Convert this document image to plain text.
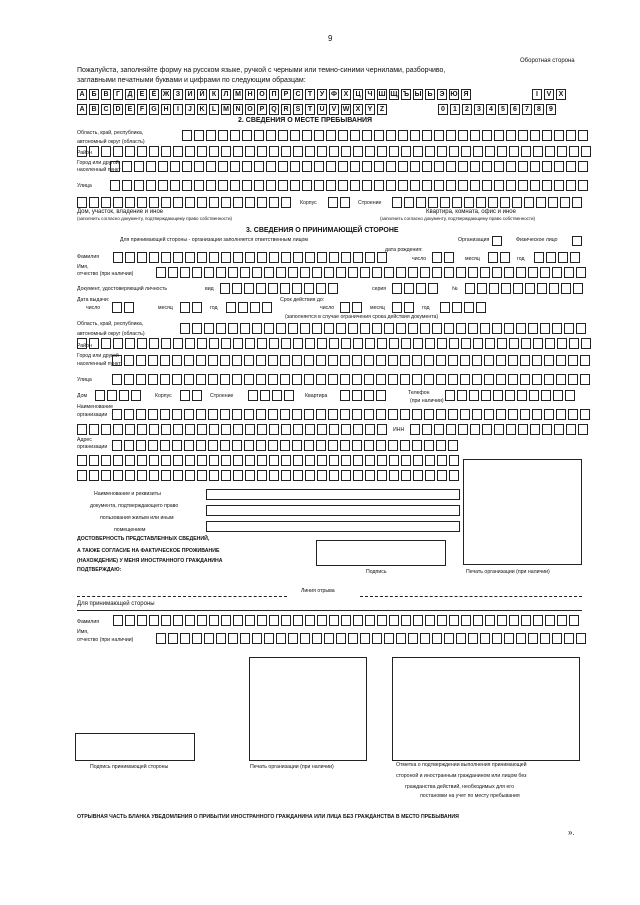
9
Оборотная сторона
Пожалуйста, заполняйте форму на русском языке, ручкой с черными или темно-синими чернилами, разборчиво,
заглавными печатными буквами и цифрами по следующим образцам:
А Б В	Г	Д	Е	Ё Ж З	И Й	К	Л М Н О П	Р	С	Т	У Ф Х	Ц Ч Ш Щ Ъ Ы Ь Э Ю Я	I	V	X
A B C D	E	F	G H	I	J	K	L M N O P Q R	S	T	U	V W X	Y	Z	0	1	2	3	4	5	6	7	8	9
2. СВЕДЕНИЯ О МЕСТЕ ПРЕБЫВАНИЯ
Область, край, республика,
автономный округ (область)
Район
Город или другой
населенный пункт
Улица
Корпус	Строение
Дом, участок, владение и иное
(заполнить согласно документу, подтверждающему право собственности)
Квартира, комната, офис и иное
(заполнить согласно документу, подтверждающему право собственности)
3. СВЕДЕНИЯ О ПРИНИМАЮЩЕЙ СТОРОНЕ
Для принимающей стороны - организации заполняется ответственным лицом	Организация	Физическое лицо
дата рождения:
Фамилия	число	месяц	год
Имя,
отчество (при наличии)
Документ, удостоверяющий личность	вид	серия	№
Дата выдачи:
число	месяц	год
Срок действия до:
число	месяц	год
(заполняется в случае ограничения срока действия документа)
Область, край, республика,
автономный округ (область)
Район
Город или другой
населенный пункт
Улица
Дом	Корпус	Строение	Квартира	Телефон
(при наличии)
Наименование
организации
ИНН
Адрес
организации
Наименование и реквизиты
документа, подтверждающего право
пользования жилым или иным
помещением
ДОСТОВЕРНОСТЬ ПРЕДСТАВЛЕННЫХ СВЕДЕНИЙ,
А ТАКЖЕ СОГЛАСИЕ НА ФАКТИЧЕСКОЕ ПРОЖИВАНИЕ
(НАХОЖДЕНИЕ) У МЕНЯ ИНОСТРАННОГО ГРАЖДАНИНА
ПОДТВЕРЖДАЮ:	Подпись	Печать организации (при наличии)
Линия отрыва
Для принимающей стороны
Фамилия
Имя,
отчество (при наличии)
Подпись принимающей стороны	Печать организации (при наличии)	Отметка о подтверждении выполнения принимающей
стороной и иностранным гражданином или лицом без
гражданства действий, необходимых для его
постановки на учет по месту пребывания
ОТРЫВНАЯ ЧАСТЬ БЛАНКА УВЕДОМЛЕНИЯ О ПРИБЫТИИ ИНОСТРАННОГО ГРАЖДАНИНА ИЛИ ЛИЦА БЕЗ ГРАЖДАНСТВА В МЕСТО ПРЕБЫВАНИЯ
».
